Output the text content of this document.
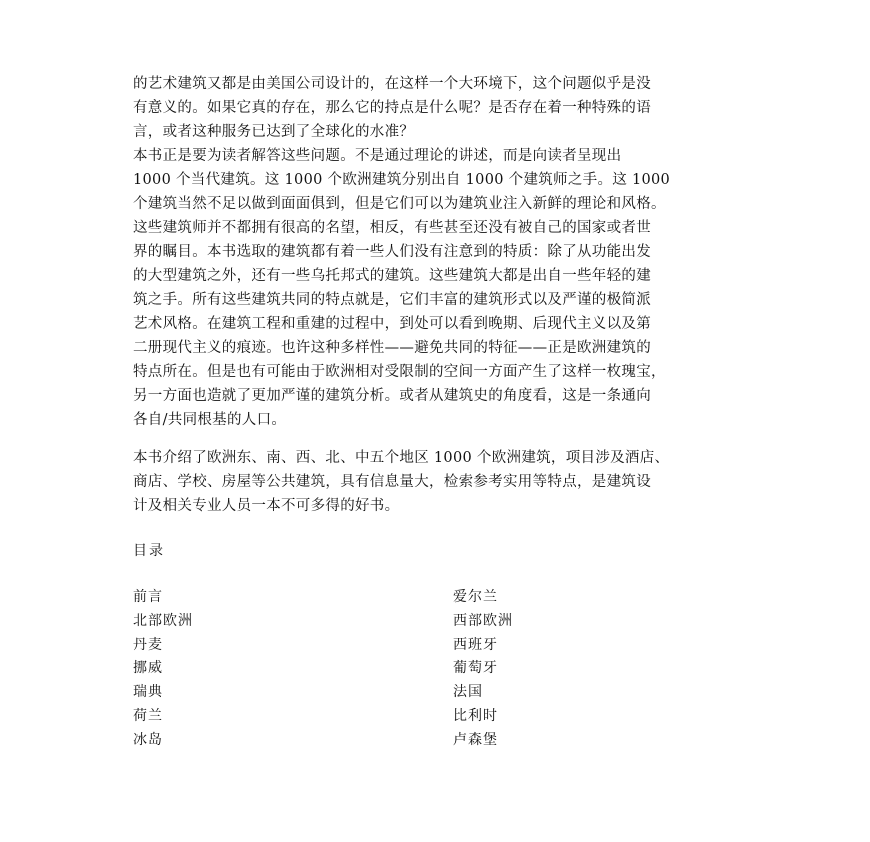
的艺术建筑又都是由美国公司设计的，在这样一个大环境下，这个问题似乎是没
有意义的。如果它真的存在，那么它的持点是什么呢？是否存在着一种特殊的语
言，或者这种服务已达到了全球化的水准？
本书正是要为读者解答这些问题。不是通过理论的讲述，而是向读者呈现出
1000 个当代建筑。这 1000 个欧洲建筑分别出自 1000 个建筑师之手。这 1000
个建筑当然不足以做到面面俱到，但是它们可以为建筑业注入新鲜的理论和风格。
这些建筑师并不都拥有很高的名望，相反，有些甚至还没有被自己的国家或者世
界的瞩目。本书选取的建筑都有着一些人们没有注意到的特质：除了从功能出发
的大型建筑之外，还有一些乌托邦式的建筑。这些建筑大都是出自一些年轻的建
筑之手。所有这些建筑共同的特点就是，它们丰富的建筑形式以及严谨的极简派
艺术风格。在建筑工程和重建的过程中，到处可以看到晚期、后现代主义以及第
二册现代主义的痕迹。也许这种多样性——避免共同的特征——正是欧洲建筑的
特点所在。但是也有可能由于欧洲相对受限制的空间一方面产生了这样一枚瑰宝，
另一方面也造就了更加严谨的建筑分析。或者从建筑史的角度看，这是一条通向
各自/共同根基的人口。
本书介绍了欧洲东、南、西、北、中五个地区 1000 个欧洲建筑，项目涉及酒店、
商店、学校、房屋等公共建筑，具有信息量大，检索参考实用等特点，是建筑设
计及相关专业人员一本不可多得的好书。
目录
前言
北部欧洲
丹麦
挪威
瑞典
荷兰
冰岛
爱尔兰
西部欧洲
西班牙
葡萄牙
法国
比利时
卢森堡
